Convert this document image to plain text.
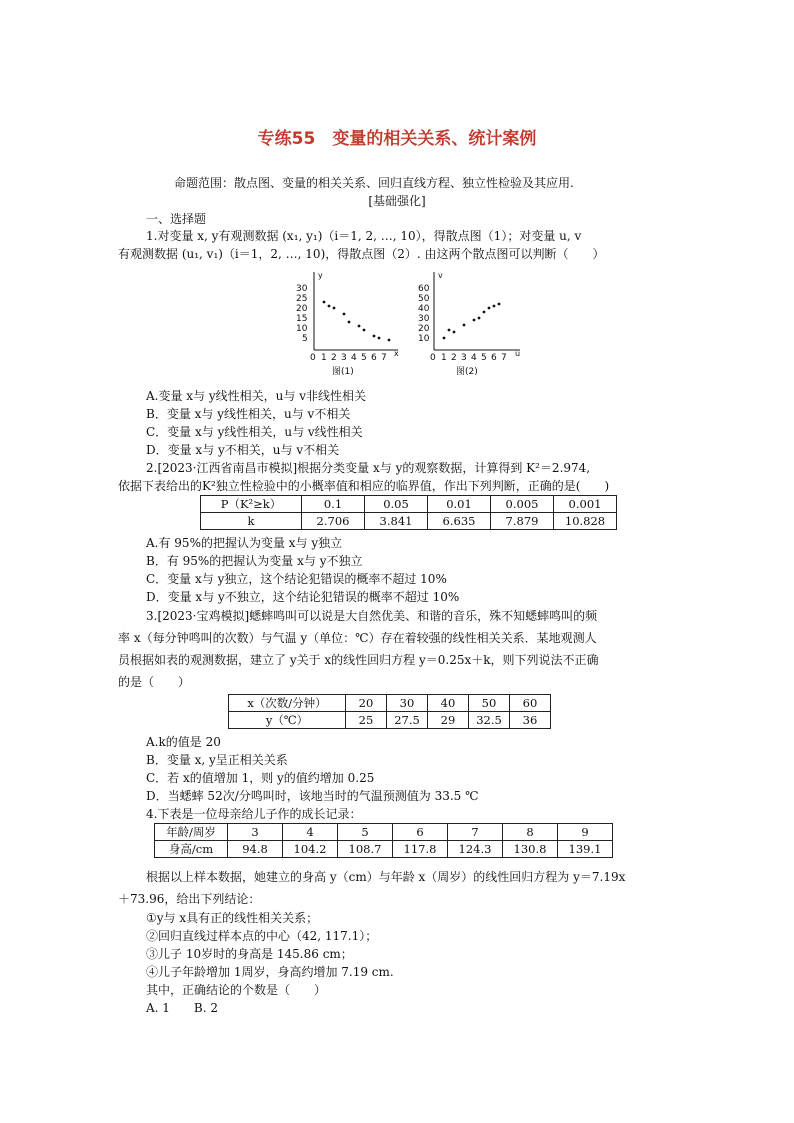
专练55　变量的相关关系、统计案例
命题范围：散点图、变量的相关关系、回归直线方程、独立性检验及其应用.
[基础强化]
一、选择题
1.对变量 x, y有观测数据 (x₁, y₁)（i＝1, 2, …, 10），得散点图（1）；对变量 u, v
有观测数据 (u₁, v₁)（i＝1，2, …, 10)，得散点图（2）. 由这两个散点图可以判断（　　）
y
x
30
25
20
15
10
5
0 1 2 3 4 5 6 7
图(1)
v
u
60
50
40
30
20
10
0 1 2 3 4 5 6 7
图(2)
A.变量 x与 y线性相关，u与 v非线性相关
B．变量 x与 y线性相关，u与 v不相关
C．变量 x与 y线性相关，u与 v线性相关
D．变量 x与 y不相关，u与 v不相关
2.[2023·江西省南昌市模拟]根据分类变量 x与 y的观察数据，计算得到 K²＝2.974,
依据下表给出的K²独立性检验中的小概率值和相应的临界值，作出下列判断，正确的是(　　)
P（K²≥k）	0.1	0.05	0.01	0.005	0.001
k	2.706	3.841	6.635	7.879	10.828
A.有 95%的把握认为变量 x与 y独立
B．有 95%的把握认为变量 x与 y不独立
C．变量 x与 y独立，这个结论犯错误的概率不超过 10%
D．变量 x与 y不独立，这个结论犯错误的概率不超过 10%
3.[2023·宝鸡模拟]蟋蟀鸣叫可以说是大自然优美、和谐的音乐，殊不知蟋蟀鸣叫的频
率 x（每分钟鸣叫的次数）与气温 y（单位：℃）存在着较强的线性相关关系．某地观测人
员根据如表的观测数据，建立了 y关于 x的线性回归方程 y＝0.25x＋k，则下列说法不正确
的是（　　）
x（次数/分钟）	20	30	40	50	60
y（℃）	25	27.5	29	32.5	36
A.k的值是 20
B．变量 x, y呈正相关关系
C．若 x的值增加 1，则 y的值约增加 0.25
D．当蟋蟀 52次/分鸣叫时，该地当时的气温预测值为 33.5 ℃
4.下表是一位母亲给儿子作的成长记录：
年龄/周岁	3	4	5	6	7	8	9
身高/cm	94.8	104.2	108.7	117.8	124.3	130.8	139.1
根据以上样本数据，她建立的身高 y（cm）与年龄 x（周岁）的线性回归方程为 y＝7.19x
＋73.96，给出下列结论：
①y与 x具有正的线性相关关系；
②回归直线过样本点的中心（42, 117.1）；
③儿子 10岁时的身高是 145.86 cm；
④儿子年龄增加 1周岁，身高约增加 7.19 cm.
其中，正确结论的个数是（　　）
A. 1　　B. 2
